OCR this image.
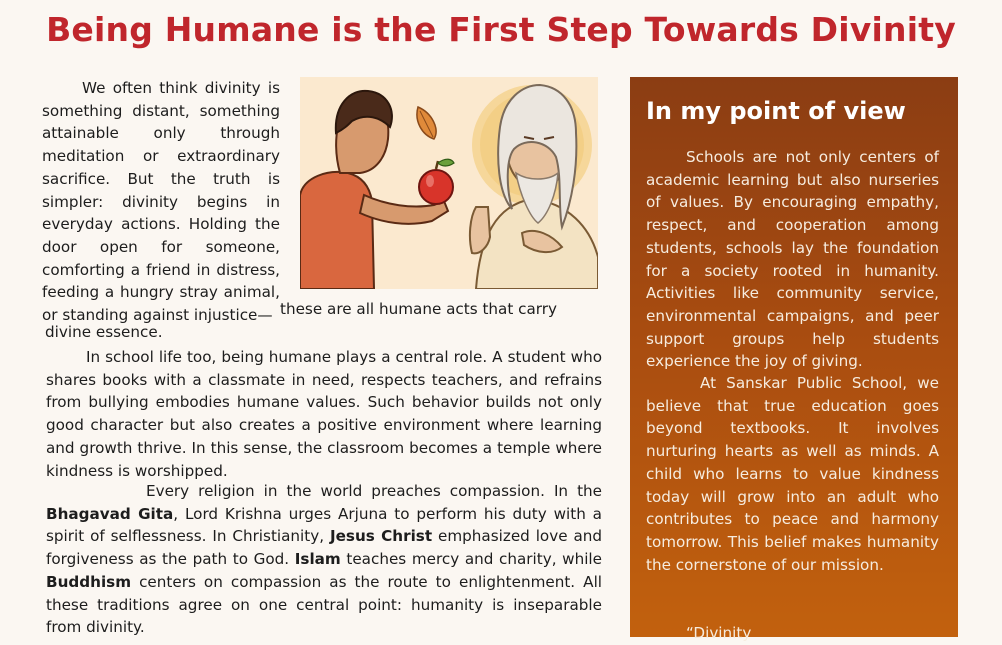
Being Humane is the First Step Towards Divinity

We often think divinity is something distant, something attainable only through meditation or extraordinary sacrifice. But the truth is simpler: divinity begins in everyday actions. Holding the door open for someone, comforting a friend in distress, feeding a hungry stray animal, or standing against injustice— these are all humane acts that carry
divine essence.

In school life too, being humane plays a central role. A student who shares books with a classmate in need, respects teachers, and refrains from bullying embodies humane values. Such behavior builds not only good character but also creates a positive environment where learning and growth thrive. In this sense, the classroom becomes a temple where kindness is worshipped.

Every religion in the world preaches compassion. In the Bhagavad Gita, Lord Krishna urges Arjuna to perform his duty with a spirit of selflessness. In Christianity, Jesus Christ emphasized love and forgiveness as the path to God. Islam teaches mercy and charity, while Buddhism centers on compassion as the route to enlightenment. All these traditions agree on one central point: humanity is inseparable from divinity.

In my point of view

Schools are not only centers of academic learning but also nurseries of values. By encouraging empathy, respect, and cooperation among students, schools lay the foundation for a society rooted in humanity. Activities like community service, environmental campaigns, and peer support groups help students experience the joy of giving.

At Sanskar Public School, we believe that true education goes beyond textbooks. It involves nurturing hearts as well as minds. A child who learns to value kindness today will grow into an adult who contributes to peace and harmony tomorrow. This belief makes humanity the cornerstone of our mission.

“Divinity
